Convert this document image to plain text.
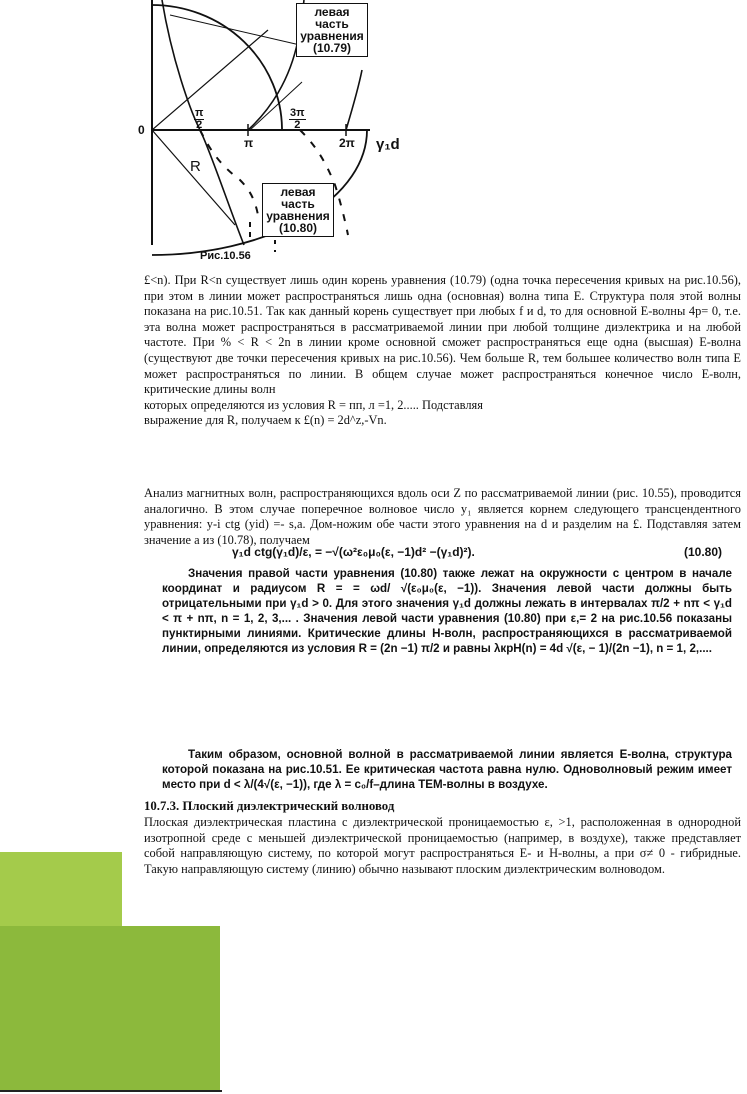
левая
часть
уравнения
(10.79)
левая
часть
уравнения
(10.80)
0
π	2π γ₁d
R
$\frac{\pi}{2}$	$\frac{3\pi}{2}$
Рис.10.56

£<n). При R<n существует лишь один корень уравнения (10.79) (одна точка пересечения кривых на рис.10.56), при этом в линии может распространяться лишь одна (основная) волна типа Е. Структура поля этой волны показана на рис.10.51. Так как данный корень существует при любых f и d, то для основной Е-волны 4р= 0, т.е. эта волна может распространяться в рассматриваемой линии при любой толщине диэлектрика и на любой частоте. При % < R < 2n в линии кроме основной сможет распространяться еще одна (высшая) Е-волна (существуют две точки пересечения кривых на рис.10.56). Чем больше R, тем большее количество волн типа Е может распространяться по линии. В общем случае может распространяться конечное число Е-волн, критические длины волн

которых определяются из условия R = пп, л =1, 2..... Подставляя

выражение для R, получаем к £(n) = 2d^z,-Vn.

Анализ магнитных волн, распространяющихся вдоль оси Z по рассматриваемой линии (рис. 10.55), проводится аналогично. В этом случае поперечное волновое число y₁ является корнем следующего трансцендентного уравнения: y-i ctg (yid) =- s,a. Дом-ножим обе части этого уравнения на d и разделим на £. Подставляя затем значение а из (10.78), получаем

γ₁d ctg(γ₁d)/ε, = −√(ω²ε₀μ₀(ε, −1)d² −(γ₁d)²).	(10.80)

Значения правой части уравнения (10.80) также лежат на окружности с центром в начале координат и радиусом R = = ωd/ √(ε₀μ₀(ε, −1)). Значения левой части должны быть отрицательными при γ₁d > 0. Для этого значения γ₁d должны лежать в интервалах π/2 + nπ < γ₁d < π + nπ, n = 1, 2, 3,... . Значения левой части уравнения (10.80) при ε,= 2 на рис.10.56 показаны пунктирными линиями. Критические длины H-волн, распространяющихся в рассматриваемой линии, определяются из условия R = (2n −1) π/2 и равны λкрH(n) = 4d √(ε, − 1)/(2n −1), n = 1, 2,....

Таким образом, основной волной в рассматриваемой линии является E-волна, структура которой показана на рис.10.51. Ее критическая частота равна нулю. Одноволновый режим имеет место при d < λ/(4√(ε, −1)), где λ = c₀/f–длина TEM-волны в воздухе.

10.7.3. Плоский диэлектрический волновод

Плоская диэлектрическая пластина с диэлектрической проницаемостью ε, >1, расположенная в однородной изотропной среде с меньшей диэлектрической проницаемостью (например, в воздухе), также представляет собой направляющую систему, по которой могут распространяться Е- и Н-волны, а при σ≠ 0 - гибридные. Такую направляющую систему (линию) обычно называют плоским диэлектрическим волноводом.
